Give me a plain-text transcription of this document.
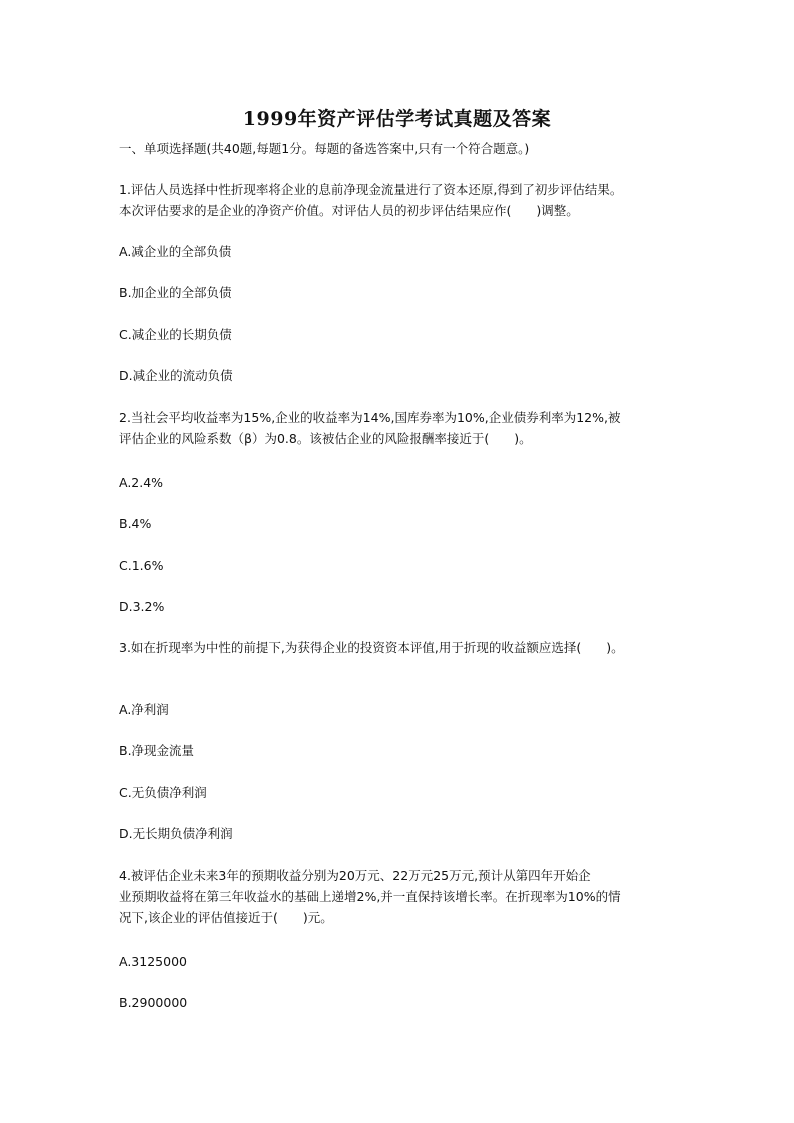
1999年资产评估学考试真题及答案
一、单项选择题(共40题,每题1分。每题的备选答案中,只有一个符合题意。)
1.评估人员选择中性折现率将企业的息前净现金流量进行了资本还原,得到了初步评估结果。
本次评估要求的是企业的净资产价值。对评估人员的初步评估结果应作(　　)调整。
A.减企业的全部负债
B.加企业的全部负债
C.减企业的长期负债
D.减企业的流动负债
2.当社会平均收益率为15%,企业的收益率为14%,国库券率为10%,企业债券利率为12%,被
评估企业的风险系数（β）为0.8。该被估企业的风险报酬率接近于(　　)。
A.2.4%
B.4%
C.1.6%
D.3.2%
3.如在折现率为中性的前提下,为获得企业的投资资本评值,用于折现的收益额应选择(　　)。
A.净利润
B.净现金流量
C.无负债净利润
D.无长期负债净利润
4.被评估企业未来3年的预期收益分别为20万元、22万元25万元,预计从第四年开始企
业预期收益将在第三年收益水的基础上递增2%,并一直保持该增长率。在折现率为10%的情
况下,该企业的评估值接近于(　　)元。
A.3125000
B.2900000
